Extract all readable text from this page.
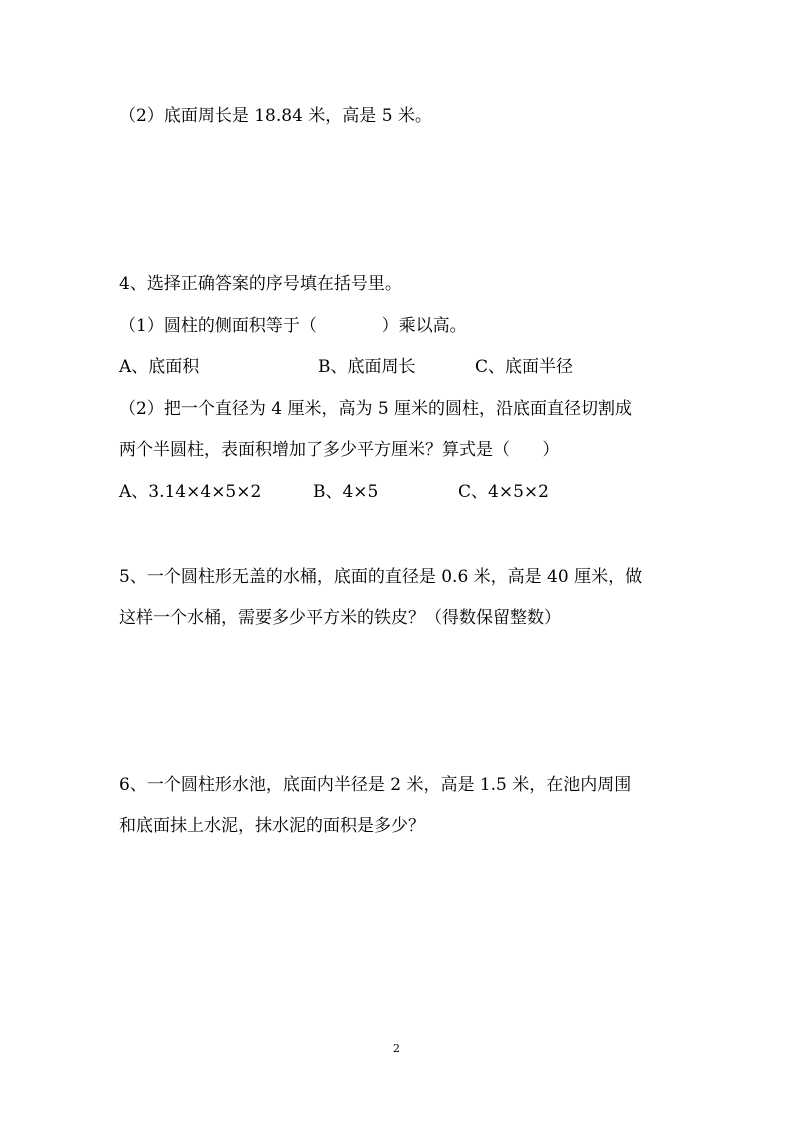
（2）底面周长是 18.84 米，高是 5 米。
4、选择正确答案的序号填在括号里。
（1）圆柱的侧面积等于（            ）乘以高。
A、底面积	B、底面周长	C、底面半径
（2）把一个直径为 4 厘米，高为 5 厘米的圆柱，沿底面直径切割成
两个半圆柱，表面积增加了多少平方厘米？算式是（      ）
A、3.14×4×5×2	B、4×5	C、4×5×2
5、一个圆柱形无盖的水桶，底面的直径是 0.6 米，高是 40 厘米，做
这样一个水桶，需要多少平方米的铁皮？（得数保留整数）
6、一个圆柱形水池，底面内半径是 2 米，高是 1.5 米，在池内周围
和底面抹上水泥，抹水泥的面积是多少？
2
